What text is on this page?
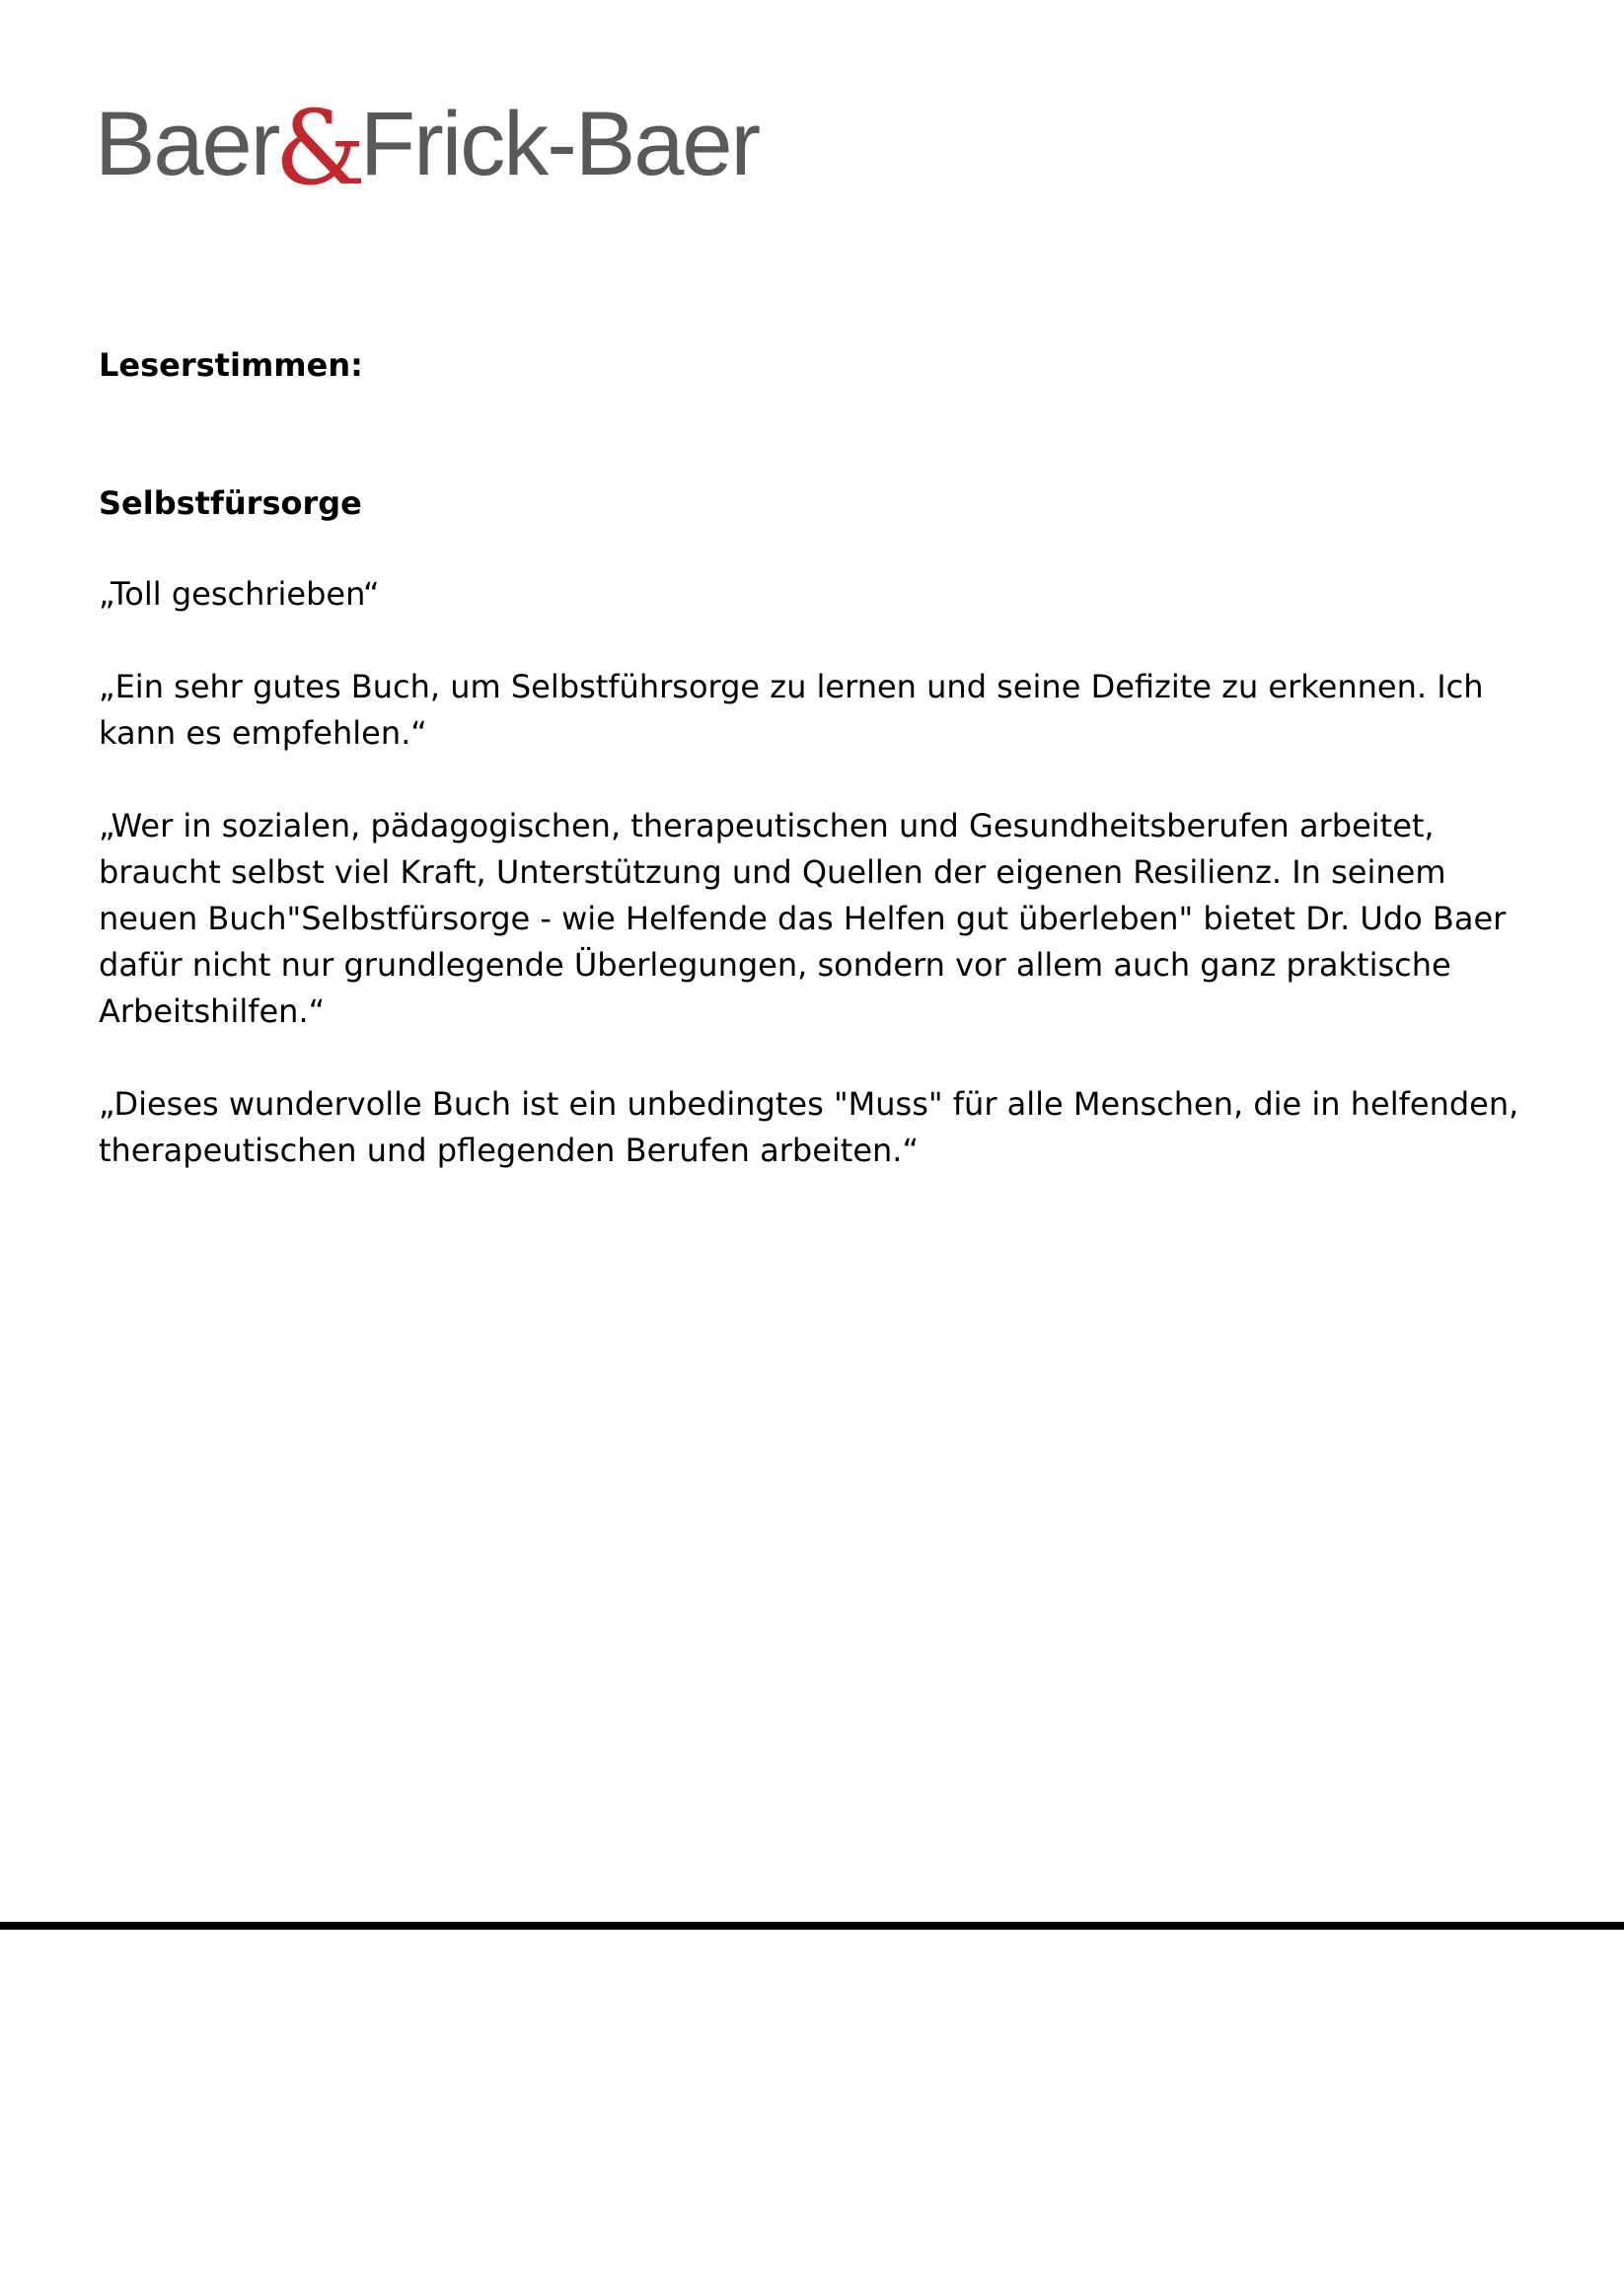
Baer
&
Frick-Baer

Leserstimmen:

Selbstfürsorge

„Toll geschrieben“

„Ein sehr gutes Buch, um Selbstführsorge zu lernen und seine Defizite zu erkennen. Ich kann es empfehlen.“

„Wer in sozialen, pädagogischen, therapeutischen und Gesundheitsberufen arbeitet, braucht selbst viel Kraft, Unterstützung und Quellen der eigenen Resilienz. In seinem neuen Buch"Selbstfürsorge - wie Helfende das Helfen gut überleben" bietet Dr. Udo Baer dafür nicht nur grundlegende Überlegungen, sondern vor allem auch ganz praktische Arbeitshilfen.“

„Dieses wundervolle Buch ist ein unbedingtes "Muss" für alle Menschen, die in helfenden, therapeutischen und pflegenden Berufen arbeiten.“
